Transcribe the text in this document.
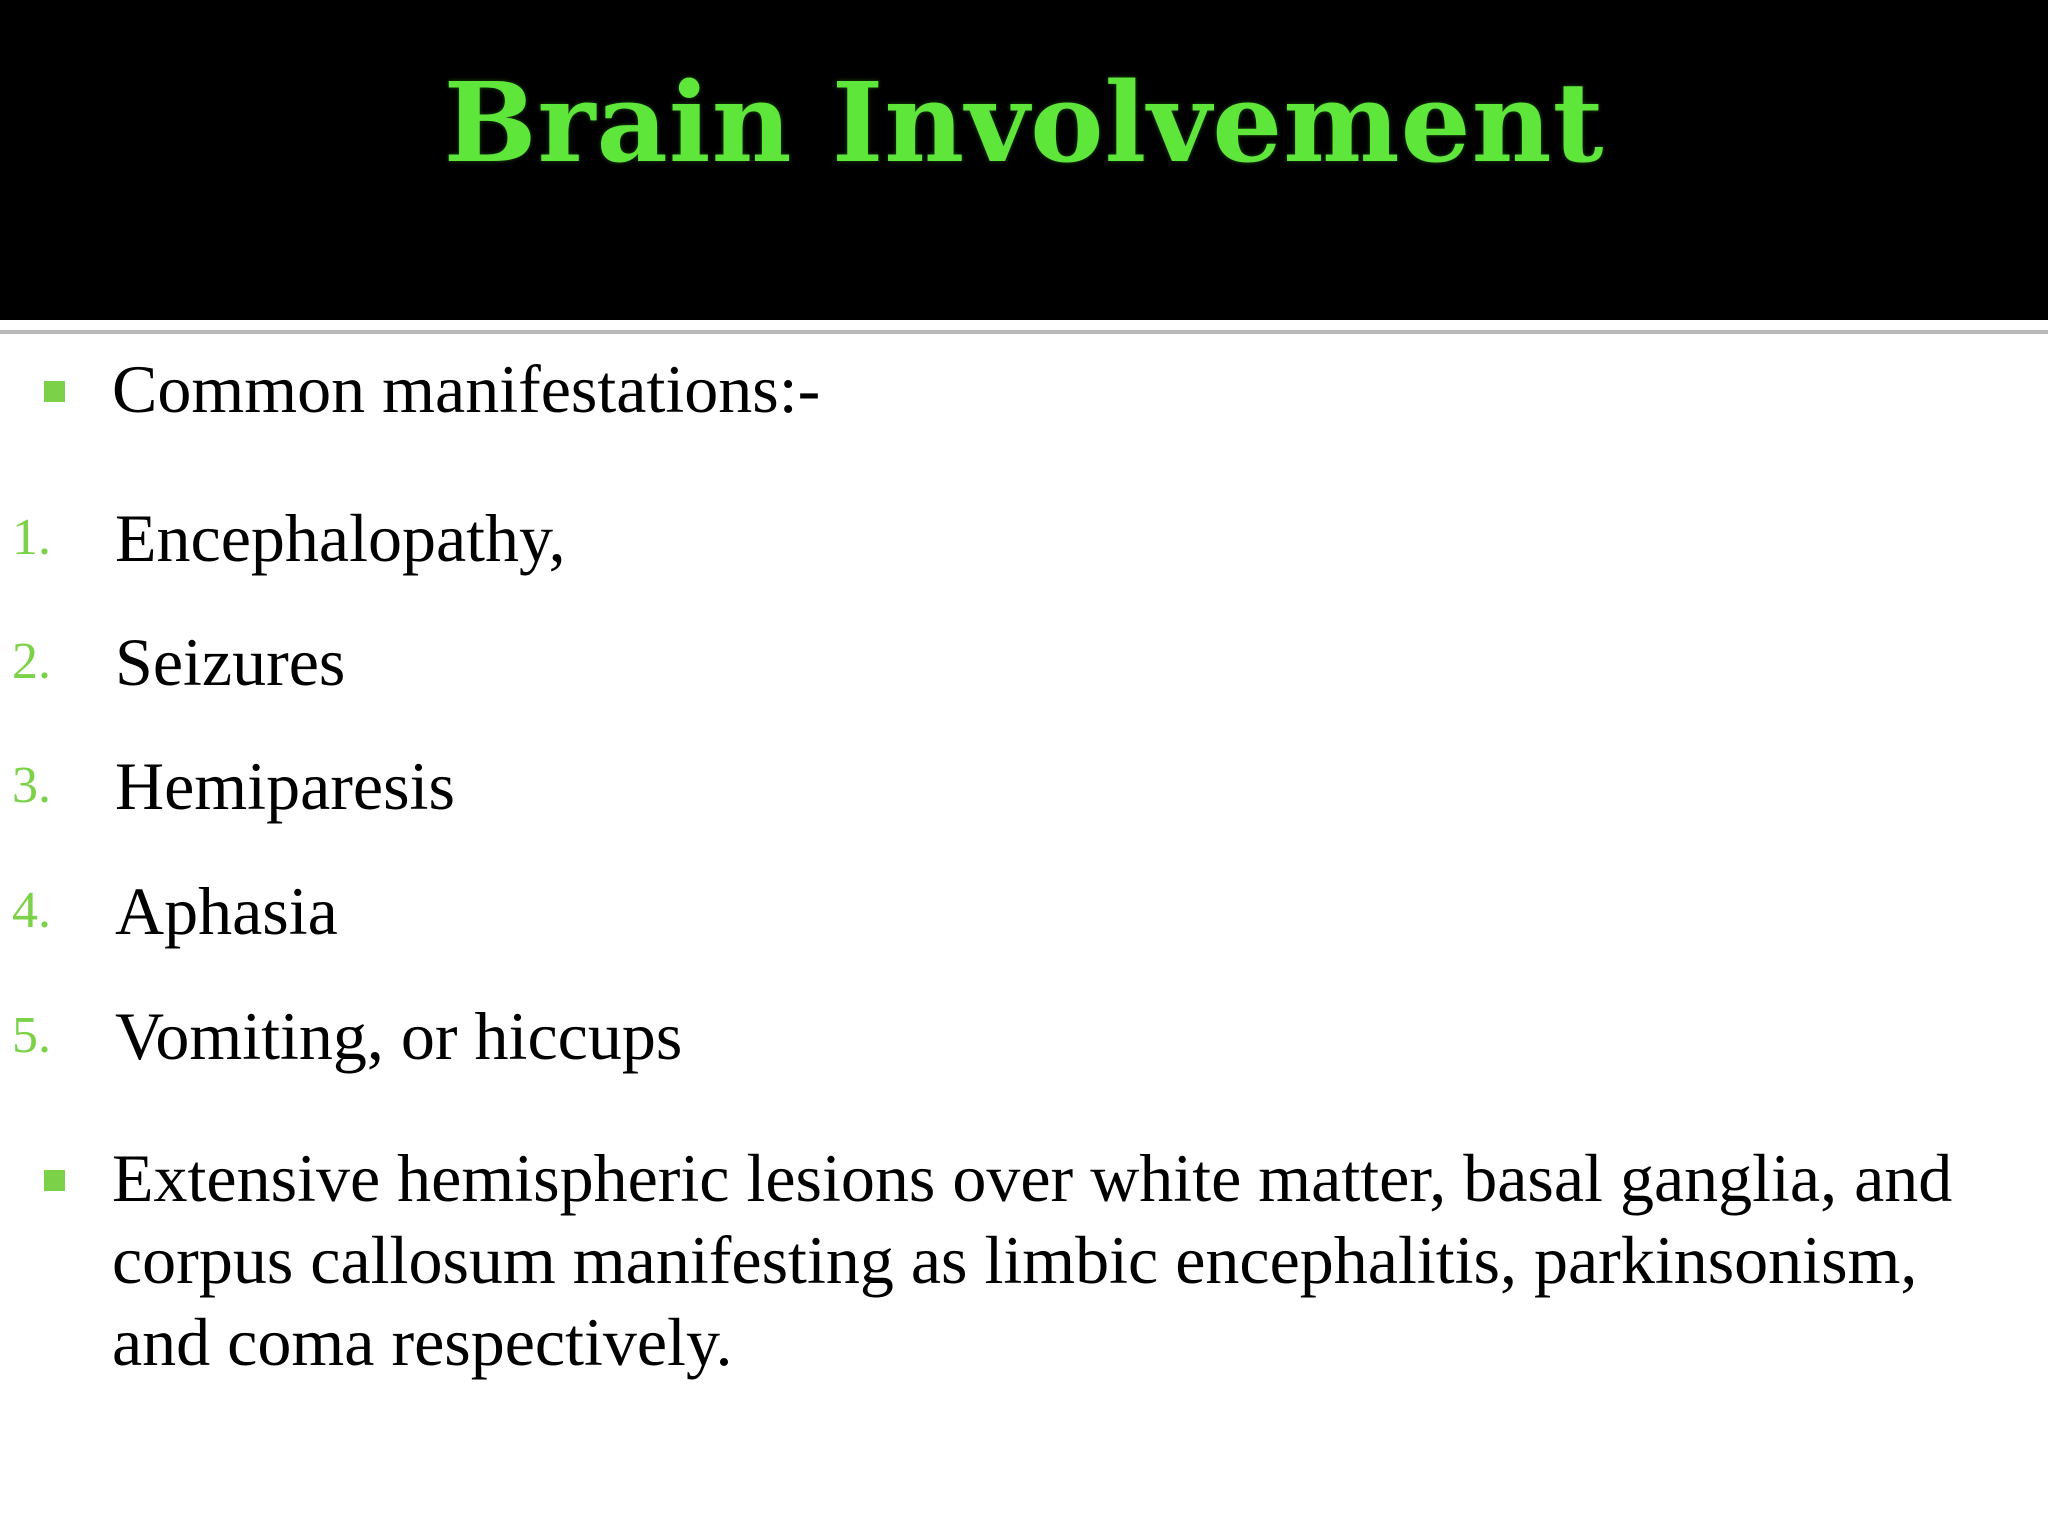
Brain Involvement
Common manifestations:-
1. Encephalopathy,
2. Seizures
3. Hemiparesis
4. Aphasia
5. Vomiting, or hiccups
Extensive hemispheric lesions over white matter, basal ganglia, and corpus callosum manifesting as limbic encephalitis, parkinsonism, and coma respectively.
